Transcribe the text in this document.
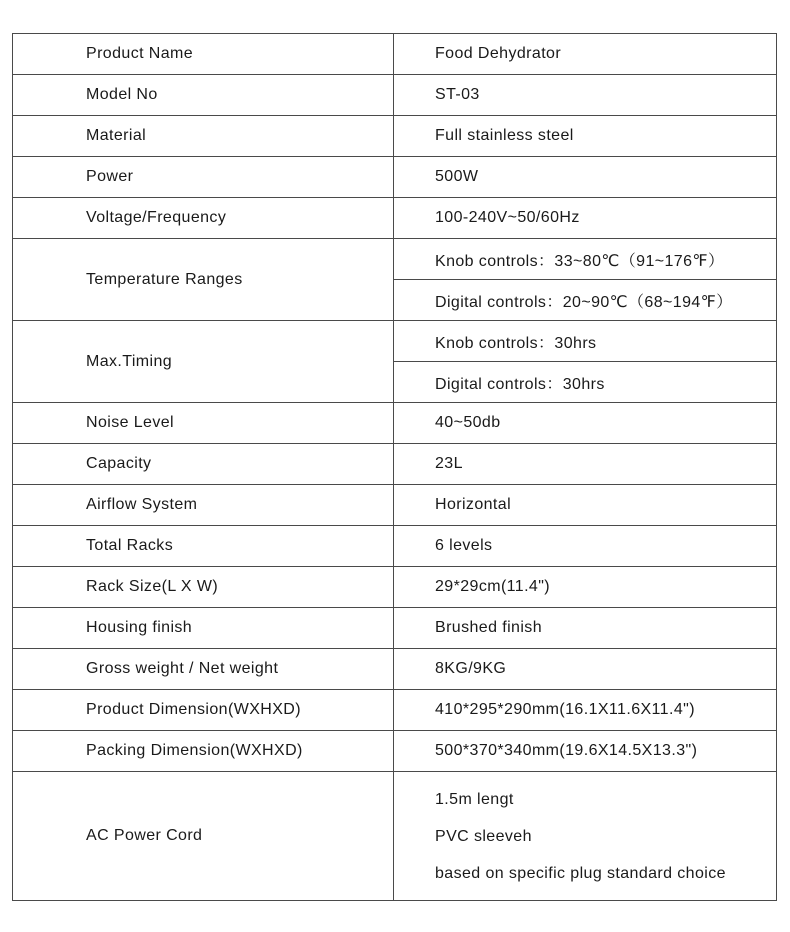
Product Name	Food Dehydrator
Model No	ST-03
Material	Full stainless steel
Power	500W
Voltage/Frequency	100-240V~50/60Hz
Temperature Ranges	Knob controls：33~80℃（91~176℉）
	Digital controls：20~90℃（68~194℉）
Max.Timing	Knob controls：30hrs
	Digital controls：30hrs
Noise Level	40~50db
Capacity	23L
Airflow System	Horizontal
Total Racks	6 levels
Rack Size(L X W)	29*29cm(11.4")
Housing finish	Brushed finish
Gross weight / Net weight	8KG/9KG
Product Dimension(WXHXD)	410*295*290mm(16.1X11.6X11.4")
Packing Dimension(WXHXD)	500*370*340mm(19.6X14.5X13.3")
AC Power Cord	1.5m lengt
PVC sleeveh
based on specific plug standard choice
